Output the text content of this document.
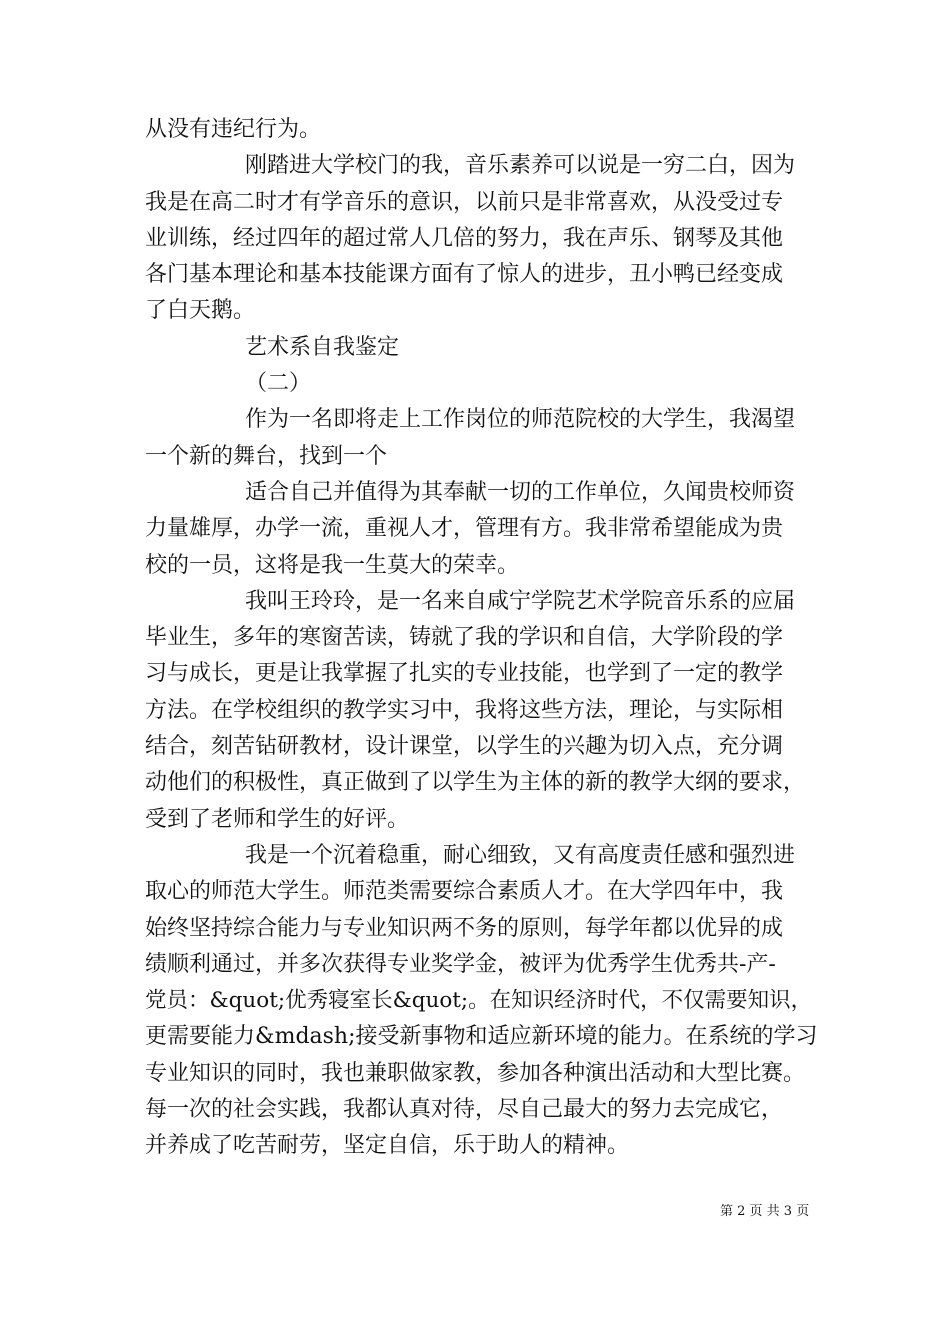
从没有违纪行为。
刚踏进大学校门的我，音乐素养可以说是一穷二白，因为
我是在高二时才有学音乐的意识，以前只是非常喜欢，从没受过专
业训练，经过四年的超过常人几倍的努力，我在声乐、钢琴及其他
各门基本理论和基本技能课方面有了惊人的进步，丑小鸭已经变成
了白天鹅。
艺术系自我鉴定
（二）
作为一名即将走上工作岗位的师范院校的大学生，我渴望
一个新的舞台，找到一个
适合自己并值得为其奉献一切的工作单位，久闻贵校师资
力量雄厚，办学一流，重视人才，管理有方。我非常希望能成为贵
校的一员，这将是我一生莫大的荣幸。
我叫王玲玲，是一名来自咸宁学院艺术学院音乐系的应届
毕业生，多年的寒窗苦读，铸就了我的学识和自信，大学阶段的学
习与成长，更是让我掌握了扎实的专业技能，也学到了一定的教学
方法。在学校组织的教学实习中，我将这些方法，理论，与实际相
结合，刻苦钻研教材，设计课堂，以学生的兴趣为切入点，充分调
动他们的积极性，真正做到了以学生为主体的新的教学大纲的要求，
受到了老师和学生的好评。
我是一个沉着稳重，耐心细致，又有高度责任感和强烈进
取心的师范大学生。师范类需要综合素质人才。在大学四年中，我
始终坚持综合能力与专业知识两不务的原则，每学年都以优异的成
绩顺利通过，并多次获得专业奖学金，被评为优秀学生优秀共-产-
党员：&quot;优秀寝室长&quot;。在知识经济时代，不仅需要知识，
更需要能力&mdash;接受新事物和适应新环境的能力。在系统的学习
专业知识的同时，我也兼职做家教，参加各种演出活动和大型比赛。
每一次的社会实践，我都认真对待，尽自己最大的努力去完成它，
并养成了吃苦耐劳，坚定自信，乐于助人的精神。
第 2 页 共 3 页
